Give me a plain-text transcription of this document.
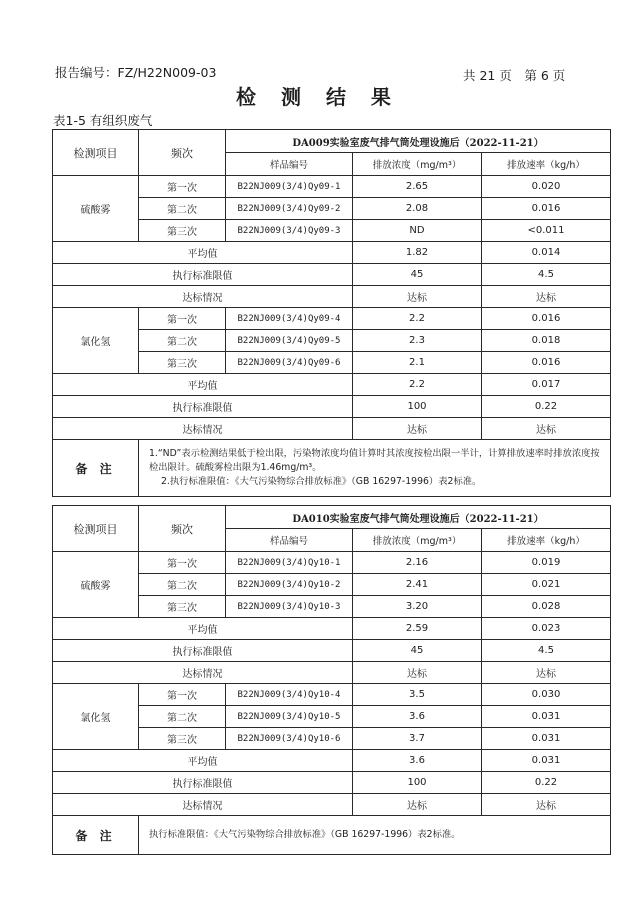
报告编号：FZ/H22N009-03	共 21 页　第 6 页
检 测 结 果
表1-5 有组织废气
检测项目	频次	DA009实验室废气排气筒处理设施后（2022-11-21）		
		样品编号	排放浓度（mg/m³）	排放速率（kg/h）
硫酸雾	第一次	B22NJ009(3/4)Qy09-1	2.65	0.020
	第二次	B22NJ009(3/4)Qy09-2	2.08	0.016
	第三次	B22NJ009(3/4)Qy09-3	ND	<0.011
平均值			1.82	0.014
执行标准限值			45	4.5
达标情况			达标	达标
氯化氢	第一次	B22NJ009(3/4)Qy09-4	2.2	0.016
	第二次	B22NJ009(3/4)Qy09-5	2.3	0.018
	第三次	B22NJ009(3/4)Qy09-6	2.1	0.016
平均值			2.2	0.017
执行标准限值			100	0.22
达标情况			达标	达标
备 注	1.“ND”表示检测结果低于检出限，污染物浓度均值计算时其浓度按检出限一半计，计算排放速率时排放浓度按检出限计。硫酸雾检出限为1.46mg/m³。
2.执行标准限值：《大气污染物综合排放标准》（GB 16297-1996）表2标准。			
检测项目	频次	DA010实验室废气排气筒处理设施后（2022-11-21）		
		样品编号	排放浓度（mg/m³）	排放速率（kg/h）
硫酸雾	第一次	B22NJ009(3/4)Qy10-1	2.16	0.019
	第二次	B22NJ009(3/4)Qy10-2	2.41	0.021
	第三次	B22NJ009(3/4)Qy10-3	3.20	0.028
平均值			2.59	0.023
执行标准限值			45	4.5
达标情况			达标	达标
氯化氢	第一次	B22NJ009(3/4)Qy10-4	3.5	0.030
	第二次	B22NJ009(3/4)Qy10-5	3.6	0.031
	第三次	B22NJ009(3/4)Qy10-6	3.7	0.031
平均值			3.6	0.031
执行标准限值			100	0.22
达标情况			达标	达标
备 注	执行标准限值：《大气污染物综合排放标准》（GB 16297-1996）表2标准。			
